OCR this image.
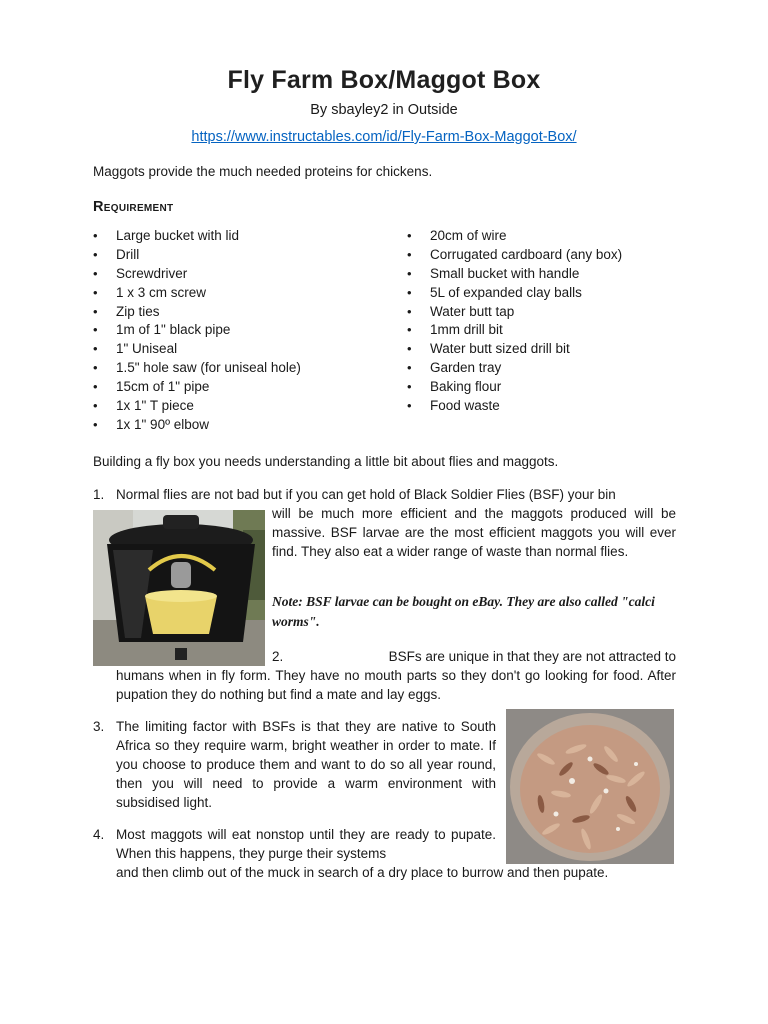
Fly Farm Box/Maggot Box
By sbayley2 in Outside
https://www.instructables.com/id/Fly-Farm-Box-Maggot-Box/
Maggots provide the much needed proteins for chickens.
Requirement
• Large bucket with lid
• Drill
• Screwdriver
• 1 x 3 cm screw
• Zip ties
• 1m of 1" black pipe
• 1" Uniseal
• 1.5" hole saw (for uniseal hole)
• 15cm of 1" pipe
• 1x 1" T piece
• 1x 1" 90º elbow
• 20cm of wire
• Corrugated cardboard (any box)
• Small bucket with handle
• 5L of expanded clay balls
• Water butt tap
• 1mm drill bit
• Water butt sized drill bit
• Garden tray
• Baking flour
• Food waste
Building a fly box you needs understanding a little bit about flies and maggots.
1. Normal flies are not bad but if you can get hold of Black Soldier Flies (BSF) your bin
will be much more efficient and the maggots produced will be massive. BSF larvae are the most efficient maggots you will ever find. They also eat a wider range of waste than normal flies.
Note: BSF larvae can be bought on eBay. They are also called "calci worms".
2.	BSFs are unique in that they are not attracted to
humans when in fly form. They have no mouth parts so they don't go looking for food. After pupation they do nothing but find a mate and lay eggs.
3. The limiting factor with BSFs is that they are native to South Africa so they require warm, bright weather in order to mate. If you choose to produce them and want to do so all year round, then you will need to provide a warm environment with subsidised light.
4. Most maggots will eat nonstop until they are ready to pupate. When this happens, they purge their systems
and then climb out of the muck in search of a dry place to burrow and then pupate.
